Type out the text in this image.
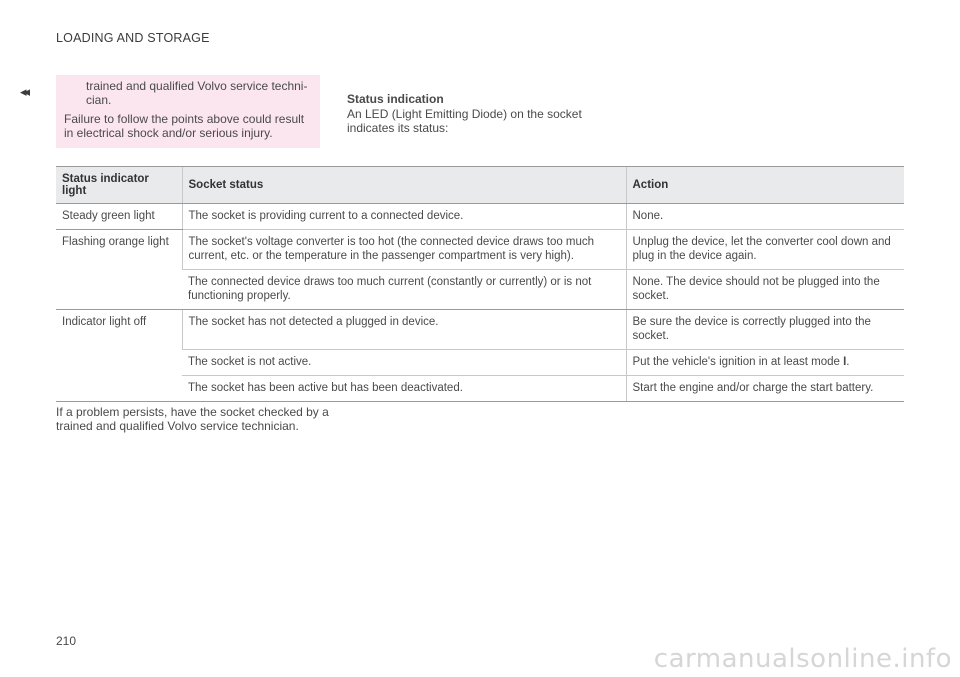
LOADING AND STORAGE
◂◂	trained and qualified Volvo service techni-cian.

Failure to follow the points above could result in electrical shock and/or serious injury.

Status indication
An LED (Light Emitting Diode) on the socket indicates its status:
Status indicator light	Socket status	Action
Steady green light	The socket is providing current to a connected device.	None.
Flashing orange light	The socket's voltage converter is too hot (the connected device draws too much current, etc. or the temperature in the passenger compartment is very high).	Unplug the device, let the converter cool down and plug in the device again.
	The connected device draws too much current (constantly or currently) or is not functioning properly.	None. The device should not be plugged into the socket.
Indicator light off	The socket has not detected a plugged in device.	Be sure the device is correctly plugged into the socket.
	The socket is not active.	Put the vehicle's ignition in at least mode I.
	The socket has been active but has been deactivated.	Start the engine and/or charge the start battery.
If a problem persists, have the socket checked by a trained and qualified Volvo service technician.
210
carmanualsonline.info
